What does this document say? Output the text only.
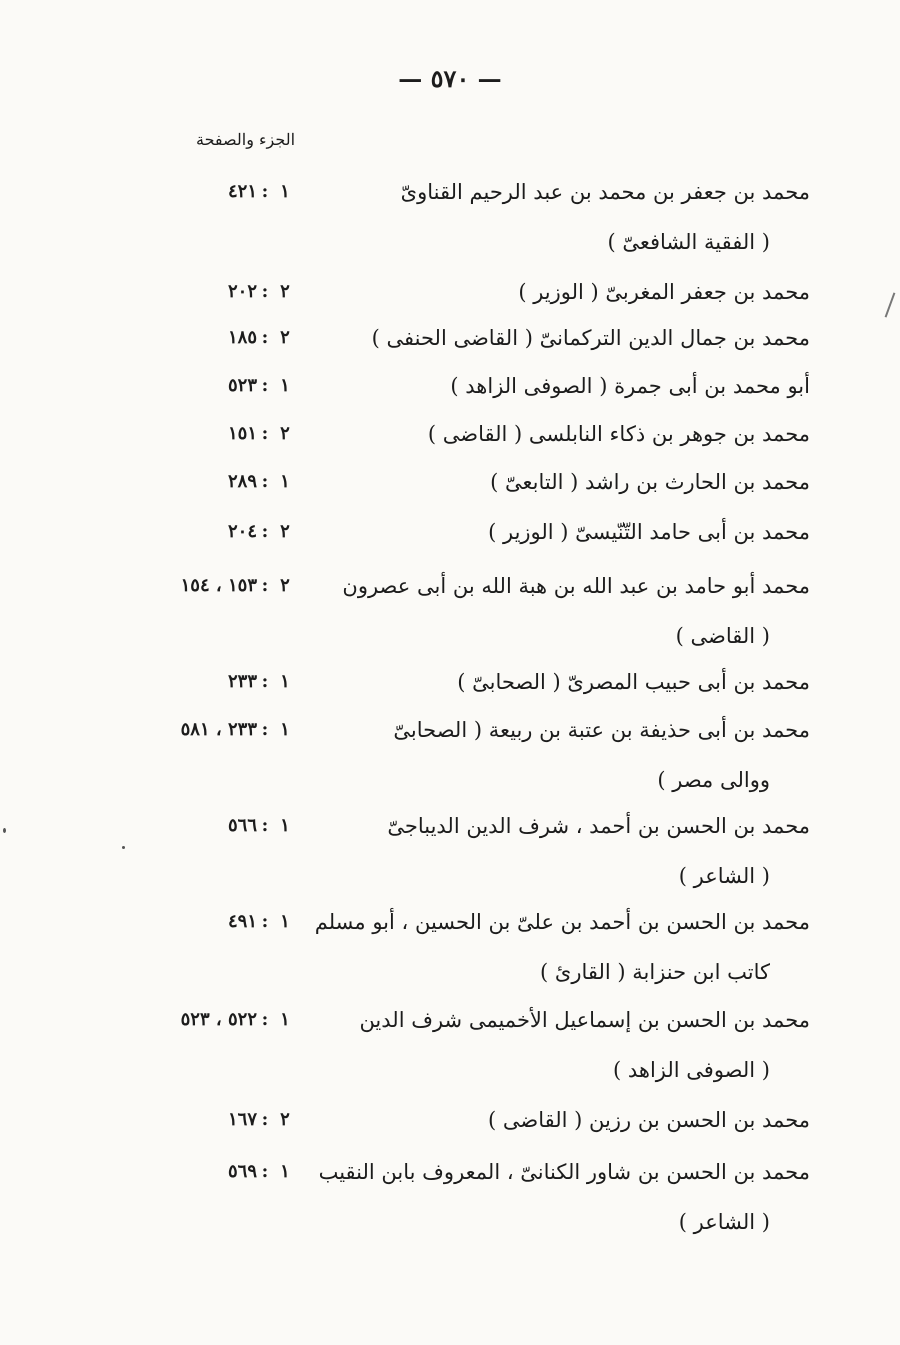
— ٥٧٠ —
الجزء والصفحة
محمد بن جعفر بن محمد بن عبد الرحيم القناوىّ
١
:
٤٢١
( الفقية الشافعىّ )
محمد بن جعفر المغربىّ ( الوزير )
٢
:
٢٠٢
محمد بن جمال الدين التركمانىّ ( القاضى الحنفى )
٢
:
١٨٥
أبو محمد بن أبى جمرة ( الصوفى الزاهد )
١
:
٥٢٣
محمد بن جوهر بن ذكاء النابلسى ( القاضى )
٢
:
١٥١
محمد بن الحارث بن راشد ( التابعىّ )
١
:
٢٨٩
محمد بن أبى حامد التّنّيسىّ ( الوزير )
٢
:
٢٠٤
محمد أبو حامد بن عبد الله بن هبة الله بن أبى عصرون
٢
:
١٥٣ ، ١٥٤
( القاضى )
محمد بن أبى حبيب المصرىّ ( الصحابىّ )
١
:
٢٣٣
محمد بن أبى حذيفة بن عتبة بن ربيعة ( الصحابىّ
١
:
٢٣٣ ، ٥٨١
ووالى مصر )
محمد بن الحسن بن أحمد ، شرف الدين الديباجىّ
١
:
٥٦٦
( الشاعر )
محمد بن الحسن بن أحمد بن علىّ بن الحسين ، أبو مسلم
١
:
٤٩١
كاتب ابن حنزابة ( القارئ )
محمد بن الحسن بن إسماعيل الأخميمى شرف الدين
١
:
٥٢٢ ، ٥٢٣
( الصوفى الزاهد )
محمد بن الحسن بن رزين ( القاضى )
٢
:
١٦٧
محمد بن الحسن بن شاور الكنانىّ ، المعروف بابن النقيب
١
:
٥٦٩
( الشاعر )
